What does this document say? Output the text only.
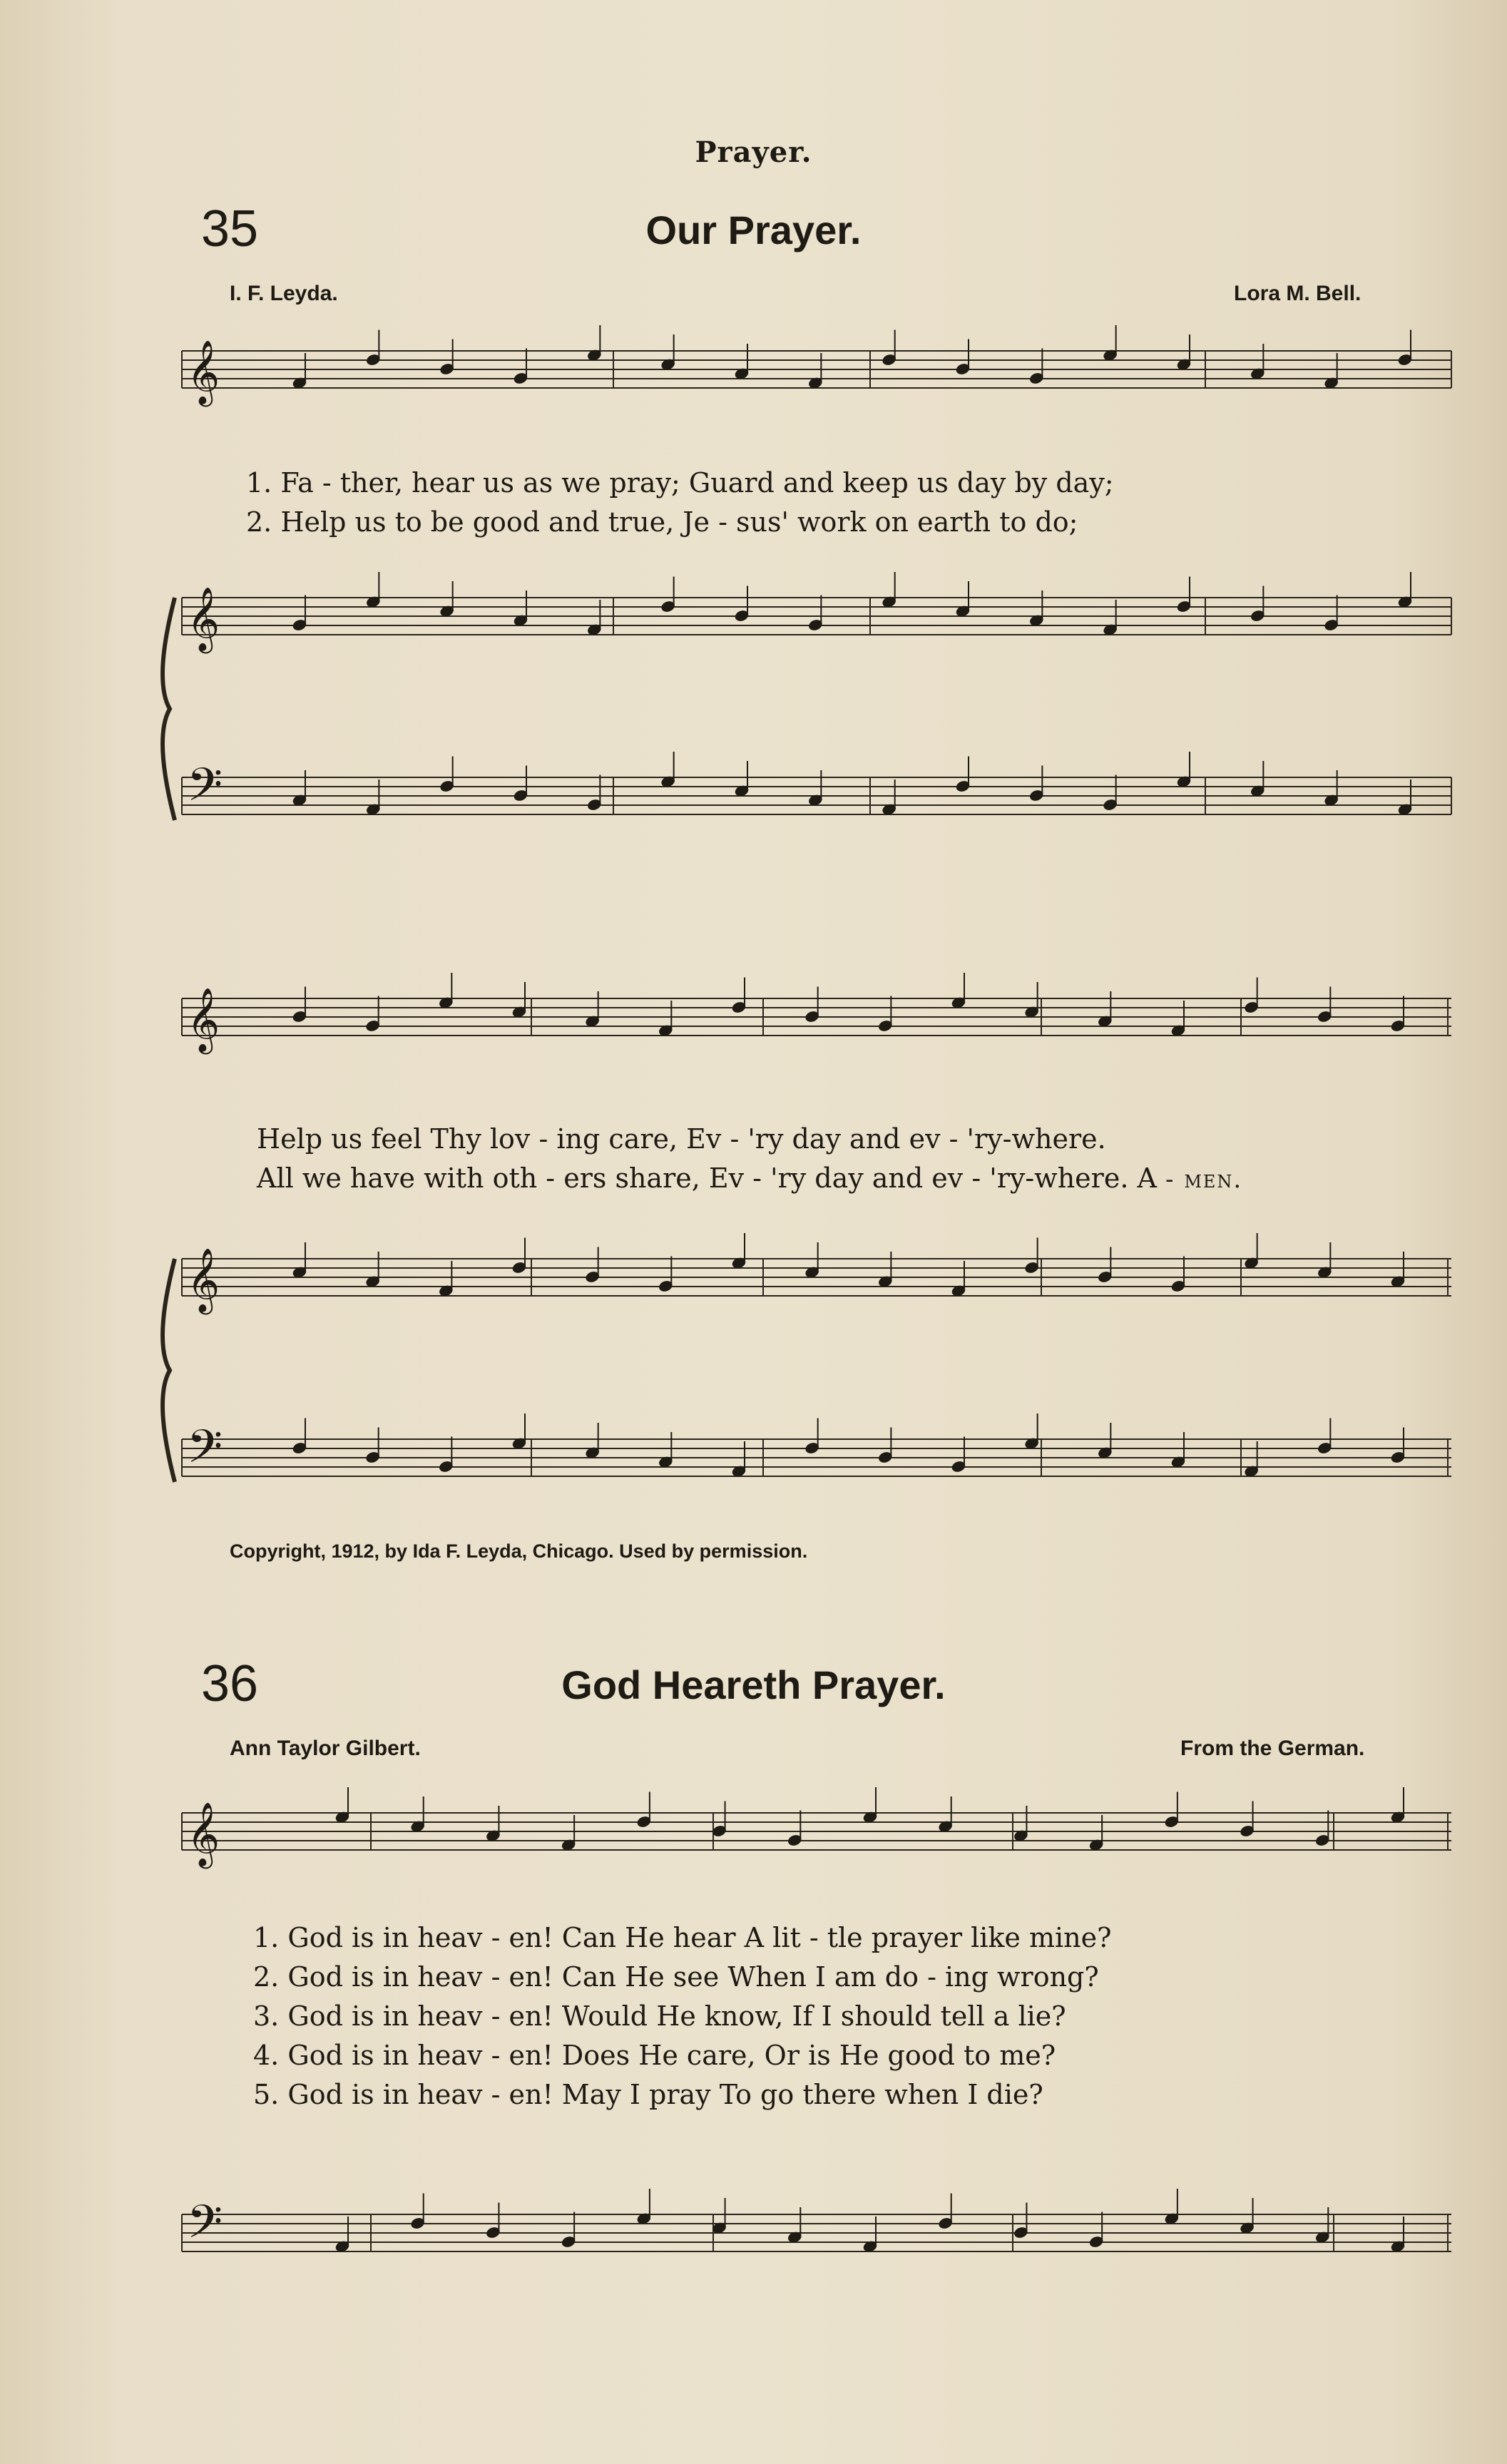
Prayer.
35	Our Prayer.
I. F. Leyda.	Lora M. Bell.
1. Fa - ther, hear us as we pray; Guard and keep us day by day;
2. Help us to be good and true, Je - sus' work on earth to do;
Help us feel Thy lov - ing care, Ev - 'ry day and ev - 'ry-where.
All we have with oth - ers share, Ev - 'ry day and ev - 'ry-where. A - men.
Copyright, 1912, by Ida F. Leyda, Chicago. Used by permission.
36	God Heareth Prayer.
Ann Taylor Gilbert.	From the German.
1. God is in heav - en! Can He hear A lit - tle prayer like mine?
2. God is in heav - en! Can He see When I am do - ing wrong?
3. God is in heav - en! Would He know, If I should tell a lie?
4. God is in heav - en! Does He care, Or is He good to me?
5. God is in heav - en! May I pray To go there when I die?
𝄞
𝄞
𝄢
𝄞
𝄞
𝄢
𝄞
𝄢
